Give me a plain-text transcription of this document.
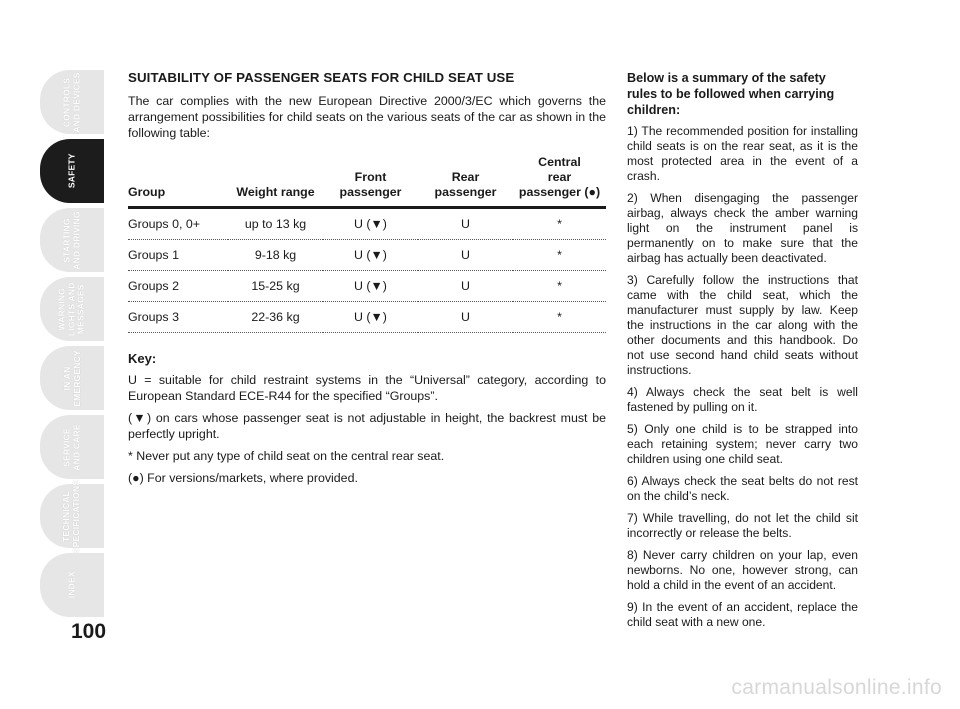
CONTROLS
AND DEVICES
SAFETY
STARTING
AND DRIVING
WARNING
LIGHTS AND
MESSAGES
IN AN
EMERGENCY
SERVICE
AND CARE
TECHNICAL
SPECIFICATIONS
INDEX
100
SUITABILITY OF PASSENGER SEATS FOR CHILD SEAT USE

The car complies with the new European Directive 2000/3/EC which governs the arrangement possibilities for child seats on the various seats of the car as shown in the following table:

Group	Weight range	Front
passenger	Rear
passenger	Central
rear
passenger (●)
Groups 0, 0+	up to 13 kg	U (▼)	U	*
Groups 1	9-18 kg	U (▼)	U	*
Groups 2	15-25 kg	U (▼)	U	*
Groups 3	22-36 kg	U (▼)	U	*
Key:

U = suitable for child restraint systems in the “Universal” category, according to European Standard ECE-R44 for the specified “Groups”.

(▼) on cars whose passenger seat is not adjustable in height, the backrest must be perfectly upright.

* Never put any type of child seat on the central rear seat.

(●) For versions/markets, where provided.

Below is a summary of the safety rules to be followed when carrying children:

1) The recommended position for installing child seats is on the rear seat, as it is the most protected area in the event of a crash.

2) When disengaging the passenger airbag, always check the amber warning light on the instrument panel is permanently on to make sure that the airbag has actually been deactivated.

3) Carefully follow the instructions that came with the child seat, which the manufacturer must supply by law. Keep the instructions in the car along with the other documents and this handbook. Do not use second hand child seats without instructions.

4) Always check the seat belt is well fastened by pulling on it.

5) Only one child is to be strapped into each retaining system; never carry two children using one child seat.

6) Always check the seat belts do not rest on the child’s neck.

7) While travelling, do not let the child sit incorrectly or release the belts.

8) Never carry children on your lap, even newborns. No one, however strong, can hold a child in the event of an accident.

9) In the event of an accident, replace the child seat with a new one.

carmanualsonline.info
